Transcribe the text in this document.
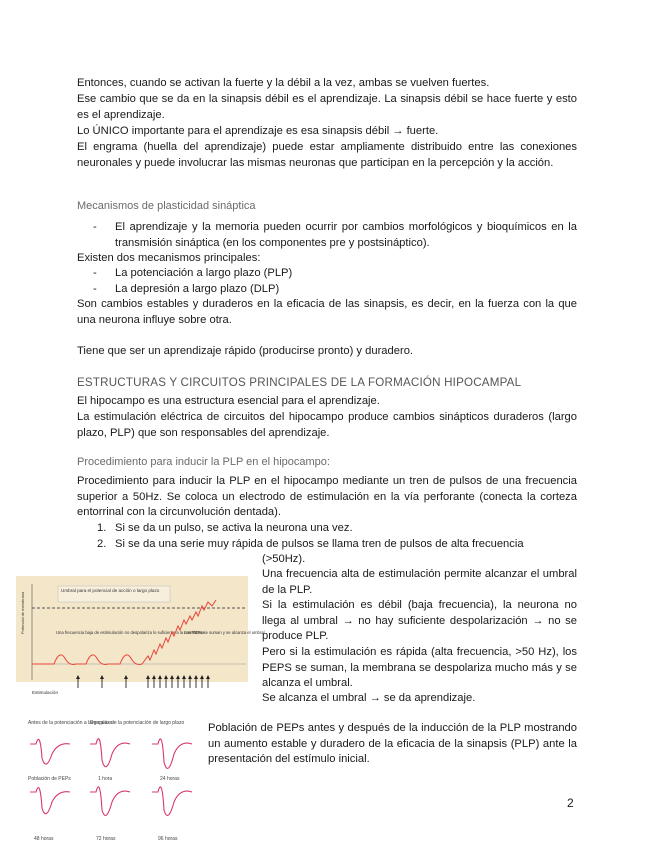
Entonces, cuando se activan la fuerte y la débil a la vez, ambas se vuelven fuertes.

Ese cambio que se da en la sinapsis débil es el aprendizaje. La sinapsis débil se hace fuerte y esto es el aprendizaje.

Lo ÚNICO importante para el aprendizaje es esa sinapsis débil → fuerte.

El engrama (huella del aprendizaje) puede estar ampliamente distribuido entre las conexiones neuronales y puede involucrar las mismas neuronas que participan en la percepción y la acción.

Mecanismos de plasticidad sináptica

- El aprendizaje y la memoria pueden ocurrir por cambios morfológicos y bioquímicos en la transmisión sináptica (en los componentes pre y postsináptico).

Existen dos mecanismos principales:

- La potenciación a largo plazo (PLP)

- La depresión a largo plazo (DLP)

Son cambios estables y duraderos en la eficacia de las sinapsis, es decir, en la fuerza con la que una neurona influye sobre otra.

Tiene que ser un aprendizaje rápido (producirse pronto) y duradero.

ESTRUCTURAS Y CIRCUITOS PRINCIPALES DE LA FORMACIÓN HIPOCAMPAL

El hipocampo es una estructura esencial para el aprendizaje.

La estimulación eléctrica de circuitos del hipocampo produce cambios sinápticos duraderos (largo plazo, PLP) que son responsables del aprendizaje.

Procedimiento para inducir la PLP en el hipocampo:

Procedimiento para inducir la PLP en el hipocampo mediante un tren de pulsos de una frecuencia superior a 50Hz. Se coloca un electrodo de estimulación en la vía perforante (conecta la corteza entorrinal con la circunvolución dentada).

1. Si se da un pulso, se activa la neurona una vez.

2. Si se da una serie muy rápida de pulsos se llama tren de pulsos de alta frecuencia

(>50Hz).

Una frecuencia alta de estimulación permite alcanzar el umbral de la PLP.

Si la estimulación es débil (baja frecuencia), la neurona no llega al umbral → no hay suficiente despolarización → no se produce PLP.

Pero si la estimulación es rápida (alta frecuencia, >50 Hz), los PEPS se suman, la membrana se despolariza mucho más y se alcanza el umbral.

Se alcanza el umbral → se da aprendizaje.

Potencial de membrana
Umbral para el potencial de acción o largo plazo
Una frecuencia baja de estimulación no despolariza lo suficiente a la membrana
Los PEPs se suman y se alcanza el umbral
Estimulación
Antes de la potenciación a largo plazo
Después de la potenciación de largo plazo
Población de PEPs	1 hora	24 horas
48 horas	72 horas	96 horas

Población de PEPs antes y después de la inducción de la PLP mostrando un aumento estable y duradero de la eficacia de la sinapsis (PLP) ante la presentación del estímulo inicial.

2
